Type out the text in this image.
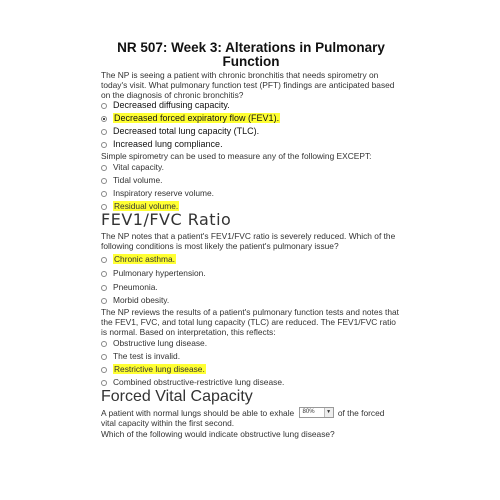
NR 507: Week 3: Alterations in Pulmonary Function
The NP is seeing a patient with chronic bronchitis that needs spirometry on today's visit. What pulmonary function test (PFT) findings are anticipated based on the diagnosis of chronic bronchitis?
Decreased diffusing capacity.
Decreased forced expiratory flow (FEV1).
Decreased total lung capacity (TLC).
Increased lung compliance.
Simple spirometry can be used to measure any of the following EXCEPT:
Vital capacity.
Tidal volume.
Inspiratory reserve volume.
Residual volume.
FEV1/FVC Ratio
The NP notes that a patient's FEV1/FVC ratio is severely reduced. Which of the following conditions is most likely the patient's pulmonary issue?
Chronic asthma.
Pulmonary hypertension.
Pneumonia.
Morbid obesity.
The NP reviews the results of a patient's pulmonary function tests and notes that the FEV1, FVC, and total lung capacity (TLC) are reduced. The FEV1/FVC ratio is normal. Based on interpretation, this reflects:
Obstructive lung disease.
The test is invalid.
Restrictive lung disease.
Combined obstructive-restrictive lung disease.
Forced Vital Capacity
A patient with normal lungs should be able to exhale 80%	▼ of the forced vital capacity within the first second.
Which of the following would indicate obstructive lung disease?
